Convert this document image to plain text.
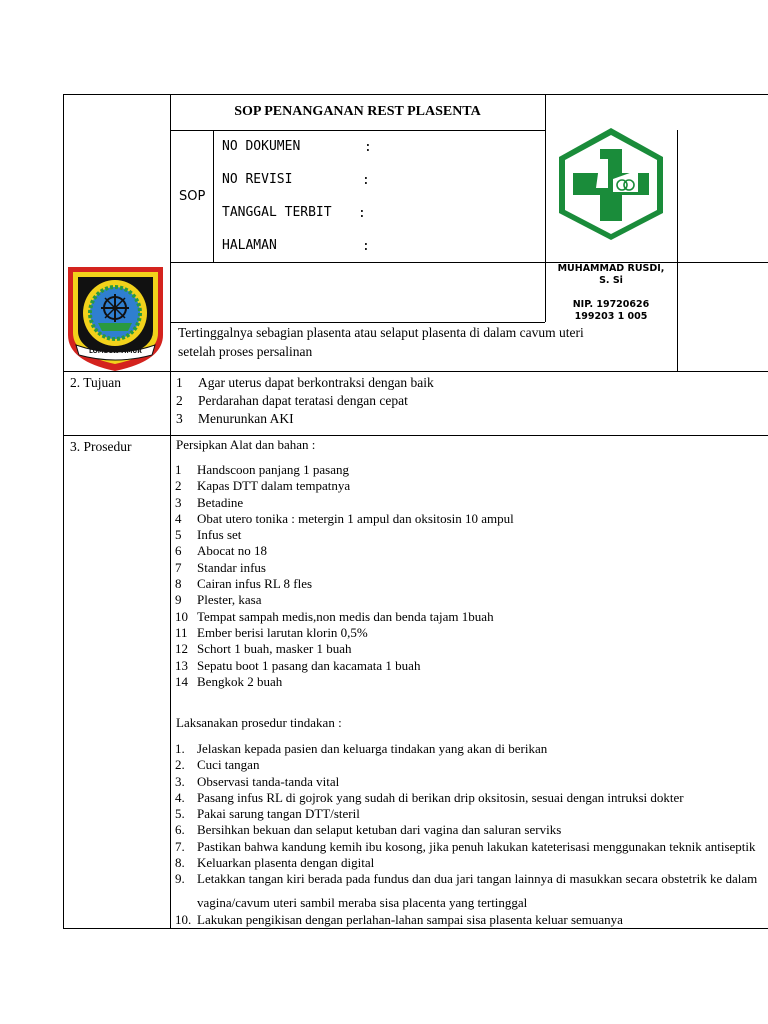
SOP PENANGANAN REST PLASENTA
SOP
NO DOKUMEN	:
NO REVISI	:
TANGGAL TERBIT :
HALAMAN	:
MUHAMMAD RUSDI,
S. Si
NIP. 19720626
199203 1 005
LOMBOK TIMUR
Tertinggalnya sebagian plasenta atau selaput plasenta di dalam cavum uteri
setelah proses persalinan
2. Tujuan	1 Agar uterus dapat berkontraksi dengan baik
2 Perdarahan dapat teratasi dengan cepat
3 Menurunkan AKI
3. Prosedur	Persipkan Alat dan bahan :
1 Handscoon panjang 1 pasang
2 Kapas DTT dalam tempatnya
3 Betadine
4 Obat utero tonika : metergin 1 ampul dan oksitosin 10 ampul
5 Infus set
6 Abocat no 18
7 Standar infus
8 Cairan infus RL 8 fles
9 Plester, kasa
10 Tempat sampah medis,non medis dan benda tajam 1buah
11 Ember berisi larutan klorin 0,5%
12 Schort 1 buah, masker 1 buah
13 Sepatu boot 1 pasang dan kacamata 1 buah
14 Bengkok 2 buah
Laksanakan prosedur tindakan :
1. Jelaskan kepada pasien dan keluarga tindakan yang akan di berikan
2. Cuci tangan
3. Observasi tanda-tanda vital
4. Pasang infus RL di gojrok yang sudah di berikan drip oksitosin, sesuai dengan intruksi dokter
5. Pakai sarung tangan DTT/steril
6. Bersihkan bekuan dan selaput ketuban dari vagina dan saluran serviks
7. Pastikan bahwa kandung kemih ibu kosong, jika penuh lakukan kateterisasi menggunakan teknik antiseptik
8. Keluarkan plasenta dengan digital
9. Letakkan tangan kiri berada pada fundus dan dua jari tangan lainnya di masukkan secara obstetrik ke dalam
vagina/cavum uteri sambil meraba sisa placenta yang tertinggal
10. Lakukan pengikisan dengan perlahan-lahan sampai sisa plasenta keluar semuanya
